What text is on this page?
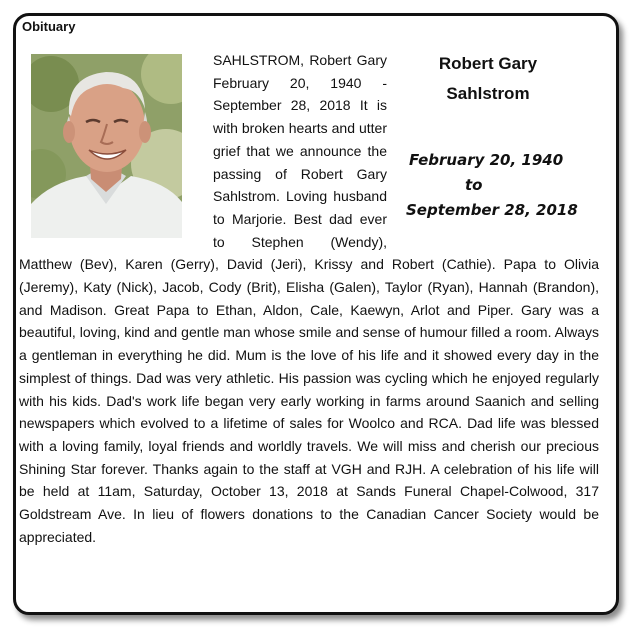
Obituary
Robert Gary
Sahlstrom
February 20, 1940
to
September 28, 2018
SAHLSTROM, Robert Gary February 20, 1940 - September 28, 2018 It is with broken hearts and utter grief that we announce the passing of Robert Gary Sahlstrom. Loving husband to Marjorie. Best dad ever to Stephen (Wendy), Matthew (Bev), Karen (Gerry), David (Jeri), Krissy and Robert (Cathie). Papa to Olivia (Jeremy), Katy (Nick), Jacob, Cody (Brit), Elisha (Galen), Taylor (Ryan), Hannah (Brandon), and Madison. Great Papa to Ethan, Aldon, Cale, Kaewyn, Arlot and Piper. Gary was a beautiful, loving, kind and gentle man whose smile and sense of humour filled a room. Always a gentleman in everything he did. Mum is the love of his life and it showed every day in the simplest of things. Dad was very athletic. His passion was cycling which he enjoyed regularly with his kids. Dad's work life began very early working in farms around Saanich and selling newspapers which evolved to a lifetime of sales for Woolco and RCA. Dad life was blessed with a loving family, loyal friends and worldly travels. We will miss and cherish our precious Shining Star forever. Thanks again to the staff at VGH and RJH. A celebration of his life will be held at 11am, Saturday, October 13, 2018 at Sands Funeral Chapel-Colwood, 317 Goldstream Ave. In lieu of flowers donations to the Canadian Cancer Society would be appreciated.
